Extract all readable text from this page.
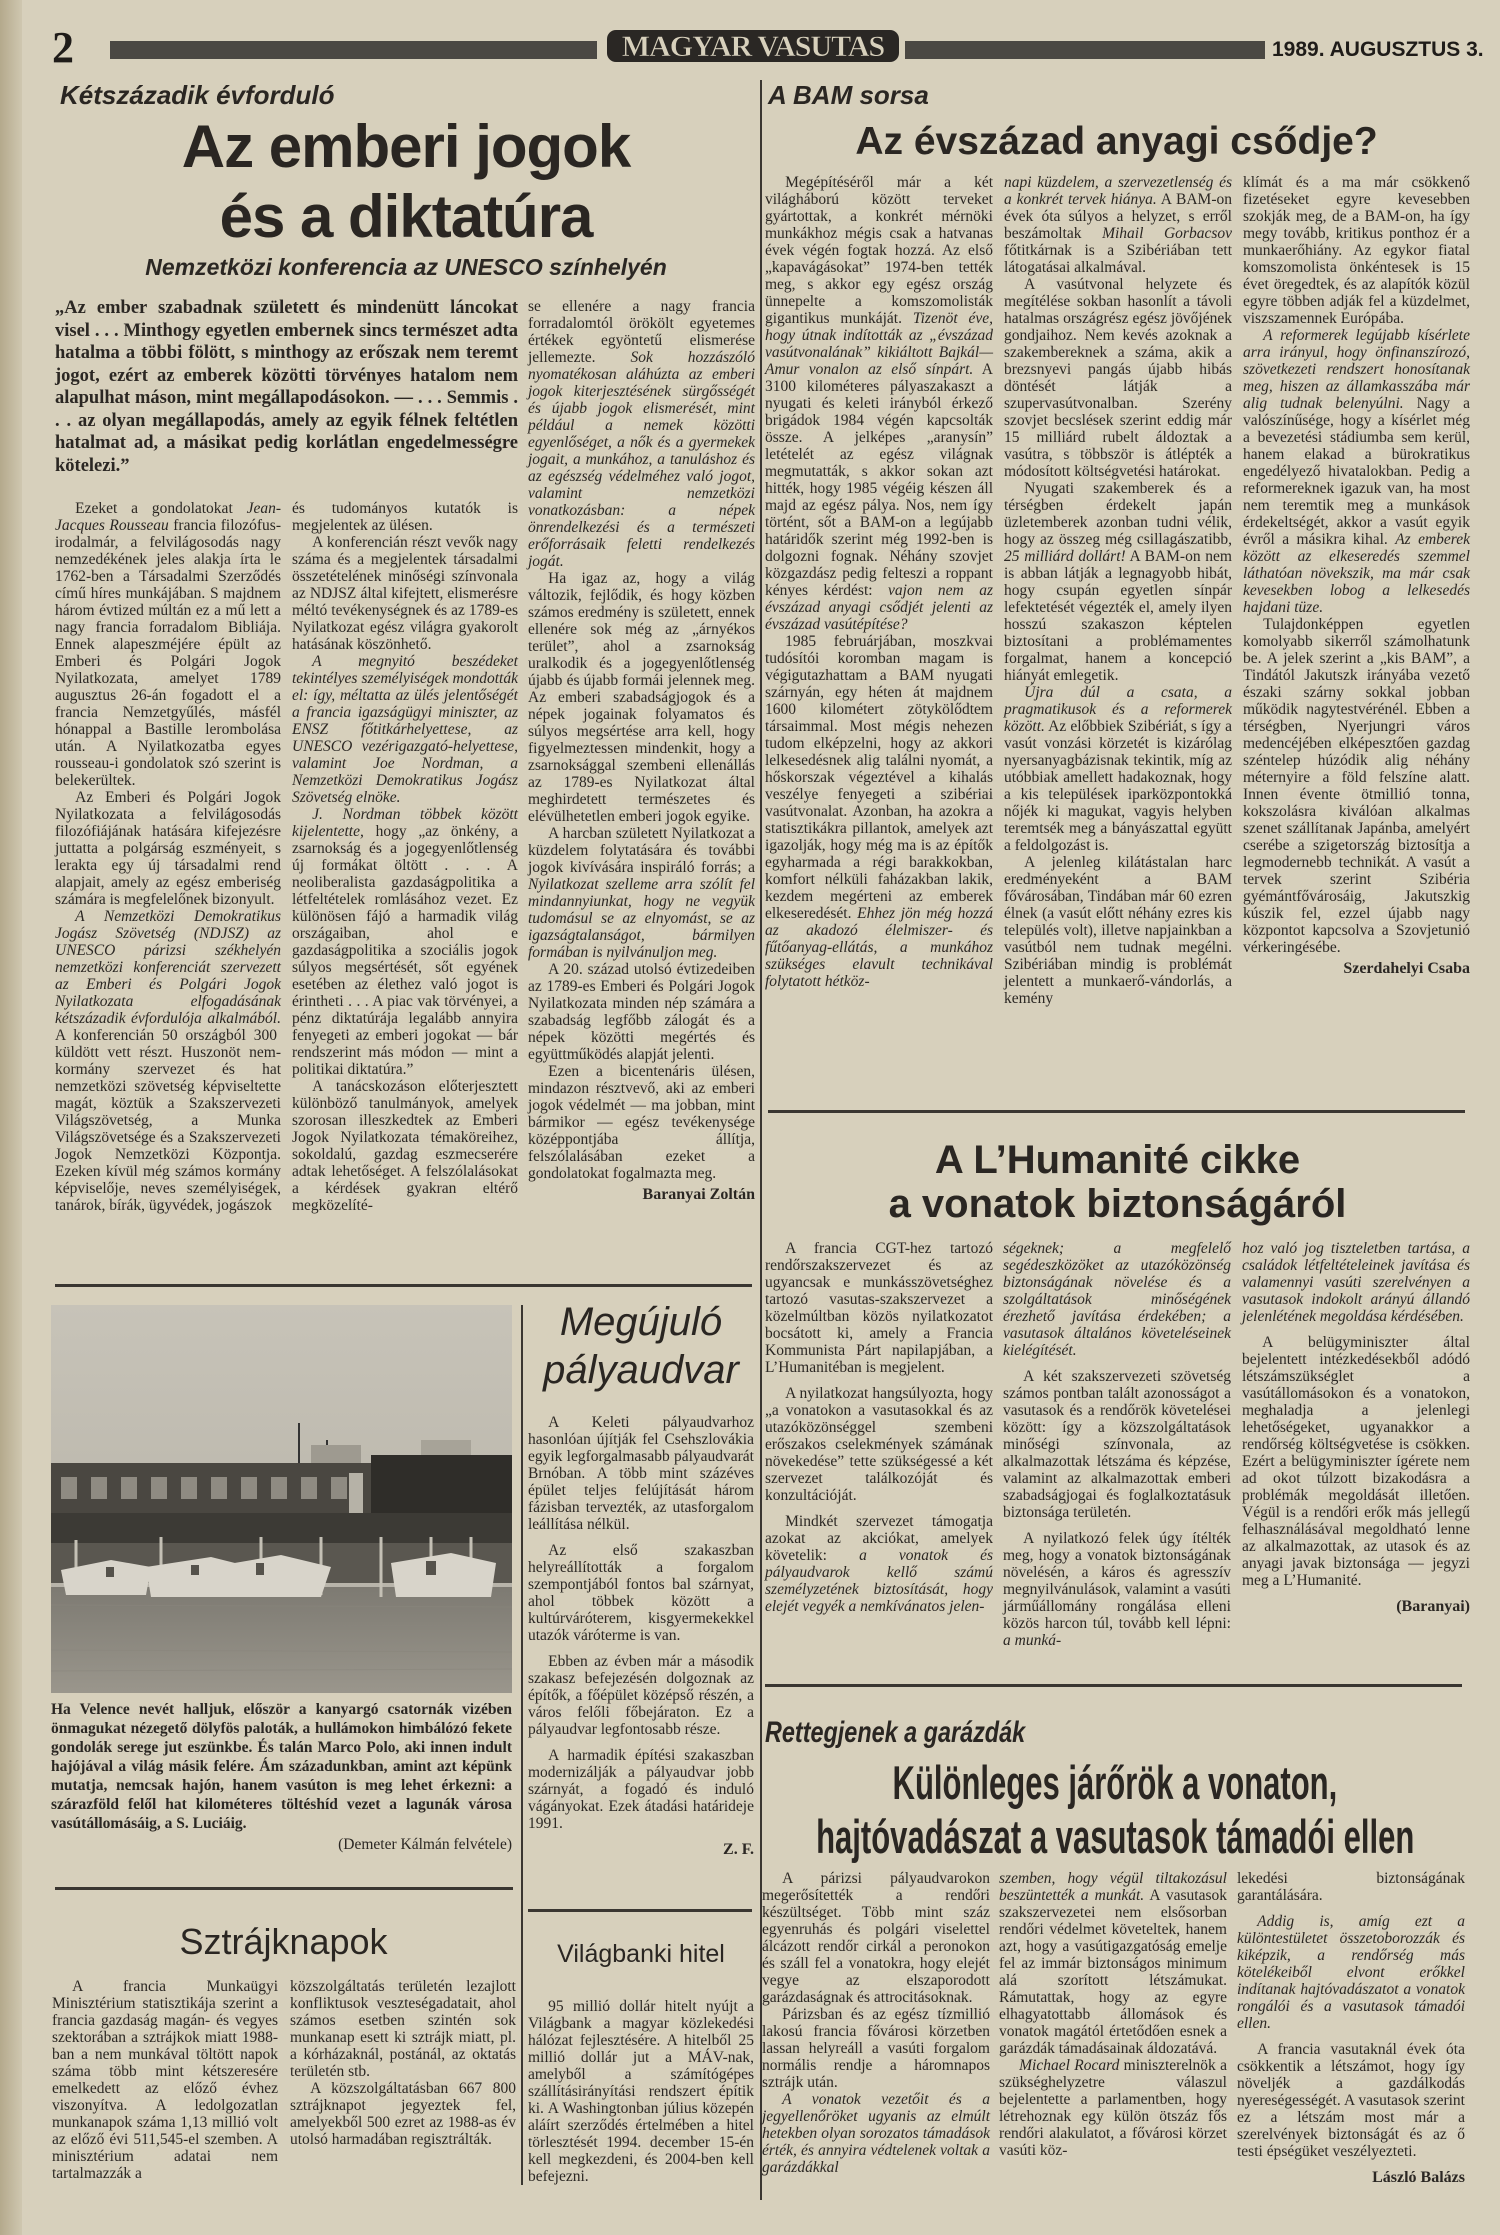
2	MAGYAR VASUTAS	1989. AUGUSZTUS 3.
Kétszázadik évforduló
Az emberi jogok
és a diktatúra
Nemzetközi konferencia az UNESCO színhelyén
„Az ember szabadnak született és mindenütt láncokat visel . . . Minthogy egyetlen embernek sincs természet adta hatalma a többi fölött, s minthogy az erőszak nem teremt jogot, ezért az emberek közötti törvényes hatalom nem alapulhat máson, mint megállapodásokon. — . . . Semmis . . . az olyan megállapodás, amely az egyik félnek feltétlen hatalmat ad, a másikat pedig korlátlan engedelmességre kötelezi.”

Ezeket a gondolatokat Jean-Jacques Rousseau francia filozófus-irodalmár, a felvilágosodás nagy nemzedékének jeles alakja írta le 1762-ben a Társadalmi Szerződés című híres munkájában. S majdnem három évtized múltán ez a mű lett a nagy francia forradalom Bibliája. Ennek alapeszméjére épült az Emberi és Polgári Jogok Nyilatkozata, amelyet 1789 augusztus 26-án fogadott el a francia Nemzetgyűlés, másfél hónappal a Bastille lerombolása után. A Nyilatkozatba egyes rousseau-i gondolatok szó szerint is belekerültek.

Az Emberi és Polgári Jogok Nyilatkozata a felvilágosodás filozófiájának hatására kifejezésre juttatta a polgárság eszményeit, s lerakta egy új társadalmi rend alapjait, amely az egész emberiség számára is megfelelőnek bizonyult.

A Nemzetközi Demokratikus Jogász Szövetség (NDJSZ) az UNESCO párizsi székhelyén nemzetközi konferenciát szervezett az Emberi és Polgári Jogok Nyilatkozata elfogadásának kétszázadik évfordulója alkalmából. A konferencián 50 országból 300 küldött vett részt. Huszonöt nem-kormány szervezet és hat nemzetközi szövetség képviseltette magát, köztük a Szakszervezeti Világszövetség, a Munka Világszövetsége és a Szakszervezeti Jogok Nemzetközi Központja. Ezeken kívül még számos kormány képviselője, neves személyiségek, tanárok, bírák, ügyvédek, jogászok

és tudományos kutatók is megjelentek az ülésen.

A konferencián részt vevők nagy száma és a megjelentek társadalmi összetételének minőségi színvonala az NDJSZ által kifejtett, elismerésre méltó tevékenységnek és az 1789-es Nyilatkozat egész világra gyakorolt hatásának köszönhető.

A megnyitó beszédeket tekintélyes személyiségek mondották el: így, méltatta az ülés jelentőségét a francia igazságügyi miniszter, az ENSZ főtitkárhelyettese, az UNESCO vezérigazgató-helyettese, valamint Joe Nordman, a Nemzetközi Demokratikus Jogász Szövetség elnöke.

J. Nordman többek között kijelentette, hogy „az önkény, a zsarnokság és a jogegyenlőtlenség új formákat öltött . . . A neoliberalista gazdaságpolitika a létfeltételek romlásához vezet. Ez különösen fájó a harmadik világ országaiban, ahol e gazdaságpolitika a szociális jogok súlyos megsértését, sőt egyének esetében az élethez való jogot is érintheti . . . A piac vak törvényei, a pénz diktatúrája legalább annyira fenyegeti az emberi jogokat — bár rendszerint más módon — mint a politikai diktatúra.”

A tanácskozáson előterjesztett különböző tanulmányok, amelyek szorosan illeszkedtek az Emberi Jogok Nyilatkozata témaköreihez, sokoldalú, gazdag eszmecserére adtak lehetőséget. A felszólalásokat a kérdések gyakran eltérő megközelíté-

se ellenére a nagy francia forradalomtól örökölt egyetemes értékek egyöntetű elismerése jellemezte. Sok hozzászóló nyomatékosan aláhúzta az emberi jogok kiterjesztésének sürgősségét és újabb jogok elismerését, mint például a nemek közötti egyenlőséget, a nők és a gyermekek jogait, a munkához, a tanuláshoz és az egészség védelméhez való jogot, valamint nemzetközi vonatkozásban: a népek önrendelkezési és a természeti erőforrásaik feletti rendelkezés jogát.

Ha igaz az, hogy a világ változik, fejlődik, és hogy közben számos eredmény is született, ennek ellenére sok még az „árnyékos terület”, ahol a zsarnokság uralkodik és a jogegyenlőtlenség újabb és újabb formái jelennek meg. Az emberi szabadságjogok és a népek jogainak folyamatos és súlyos megsértése arra kell, hogy figyelmeztessen mindenkit, hogy a zsarnoksággal szembeni ellenállás az 1789-es Nyilatkozat által meghirdetett természetes és elévülhetetlen emberi jogok egyike.

A harcban született Nyilatkozat a küzdelem folytatására és további jogok kivívására inspiráló forrás; a Nyilatkozat szelleme arra szólít fel mindannyiunkat, hogy ne vegyük tudomásul se az elnyomást, se az igazságtalanságot, bármilyen formában is nyilvánuljon meg.

A 20. század utolsó évtizedeiben az 1789-es Emberi és Polgári Jogok Nyilatkozata minden nép számára a szabadság legfőbb zálogát és a népek közötti megértés és együttműködés alapját jelenti.

Ezen a bicentenáris ülésen, mindazon résztvevő, aki az emberi jogok védelmét — ma jobban, mint bármikor — egész tevékenysége középpontjába állítja, felszólalásában ezeket a gondolatokat fogalmazta meg.

Baranyai Zoltán
A BAM sorsa
Az évszázad anyagi csődje?

Megépítéséről már a két világháború között terveket gyártottak, a konkrét mérnöki munkákhoz mégis csak a hatvanas évek végén fogtak hozzá. Az első „kapavágásokat” 1974-ben tették meg, s akkor egy egész ország ünnepelte a komszomolisták gigantikus munkáját. Tizenöt éve, hogy útnak indították az „évszázad vasútvonalának” kikiáltott Bajkál—Amur vonalon az első sínpárt. A 3100 kilométeres pályaszakaszt a nyugati és keleti irányból érkező brigádok 1984 végén kapcsolták össze. A jelképes „aranysín” letételét az egész világnak megmutatták, s akkor sokan azt hitték, hogy 1985 végéig készen áll majd az egész pálya. Nos, nem így történt, sőt a BAM-on a legújabb határidők szerint még 1992-ben is dolgozni fognak. Néhány szovjet közgazdász pedig felteszi a roppant kényes kérdést: vajon nem az évszázad anyagi csődjét jelenti az évszázad vasútépítése?

1985 februárjában, moszkvai tudósítói koromban magam is végigutazhattam a BAM nyugati szárnyán, egy héten át majdnem 1600 kilométert zötykölődtem társaimmal. Most mégis nehezen tudom elképzelni, hogy az akkori lelkesedésnek alig találni nyomát, a hőskorszak végeztével a kihalás veszélye fenyegeti a szibériai vasútvonalat. Azonban, ha azokra a statisztikákra pillantok, amelyek azt igazolják, hogy még ma is az építők egyharmada a régi barakkokban, komfort nélküli faházakban lakik, kezdem megérteni az emberek elkeseredését. Ehhez jön még hozzá az akadozó élelmiszer- és fűtőanyag-ellátás, a munkához szükséges elavult technikával folytatott hétköz-

napi küzdelem, a szervezetlenség és a konkrét tervek hiánya. A BAM-on évek óta súlyos a helyzet, s erről beszámoltak Mihail Gorbacsov főtitkárnak is a Szibériában tett látogatásai alkalmával.

A vasútvonal helyzete és megítélése sokban hasonlít a távoli hatalmas országrész egész jövőjének gondjaihoz. Nem kevés azoknak a szakembereknek a száma, akik a brezsnyevi pangás újabb hibás döntését látják a szupervasútvonalban. Szerény szovjet becslések szerint eddig már 15 milliárd rubelt áldoztak a vasútra, s többször is átlépték a módosított költségvetési határokat.

Nyugati szakemberek és a térségben érdekelt japán üzletemberek azonban tudni vélik, hogy az összeg még csillagászatibb, 25 milliárd dollárt! A BAM-on nem is abban látják a legnagyobb hibát, hogy csupán egyetlen sínpár lefektetését végezték el, amely ilyen hosszú szakaszon képtelen biztosítani a problémamentes forgalmat, hanem a koncepció hiányát emlegetik.

Újra dúl a csata, a pragmatikusok és a reformerek között. Az előbbiek Szibériát, s így a vasút vonzási körzetét is kizárólag nyersanyagbázisnak tekintik, míg az utóbbiak amellett hadakoznak, hogy a kis települések iparközpontokká nőjék ki magukat, vagyis helyben teremtsék meg a bányászattal együtt a feldolgozást is.

A jelenleg kilátástalan harc eredményeként a BAM fővárosában, Tindában már 60 ezren élnek (a vasút előtt néhány ezres kis település volt), illetve napjainkban a vasútból nem tudnak megélni. Szibériában mindig is problémát jelentett a munkaerő-vándorlás, a kemény

klímát és a ma már csökkenő fizetéseket egyre kevesebben szokják meg, de a BAM-on, ha így megy tovább, kritikus ponthoz ér a munkaerőhiány. Az egykor fiatal komszomolista önkéntesek is 15 évet öregedtek, és az alapítók közül egyre többen adják fel a küzdelmet, viszszamennek Európába.

A reformerek legújabb kísérlete arra irányul, hogy önfinanszírozó, szövetkezeti rendszert honosítanak meg, hiszen az államkasszába már alig tudnak belenyúlni. Nagy a valószínűsége, hogy a kísérlet még a bevezetési stádiumba sem kerül, hanem elakad a bürokratikus engedélyező hivatalokban. Pedig a reformereknek igazuk van, ha most nem teremtik meg a munkások érdekeltségét, akkor a vasút egyik évről a másikra kihal. Az emberek között az elkeseredés szemmel láthatóan növekszik, ma már csak kevesekben lobog a lelkesedés hajdani tüze.

Tulajdonképpen egyetlen komolyabb sikerről számolhatunk be. A jelek szerint a „kis BAM”, a Tindától Jakutszk irányába vezető északi szárny sokkal jobban működik nagytestvérénél. Ebben a térségben, Nyerjungri város medencéjében elképesztően gazdag széntelep húzódik alig néhány méternyire a föld felszíne alatt. Innen évente ötmillió tonna, kokszolásra kiválóan alkalmas szenet szállítanak Japánba, amelyért cserébe a szigetország biztosítja a legmodernebb technikát. A vasút a tervek szerint Szibéria gyémántfővárosáig, Jakutszkig kúszik fel, ezzel újabb nagy központot kapcsolva a Szovjetunió vérkeringésébe.

Szerdahelyi Csaba
A L’Humanité cikke
a vonatok biztonságáról

A francia CGT-hez tartozó rendőrszakszervezet és az ugyancsak e munkásszövetséghez tartozó vasutas-szakszervezet a közelmúltban közös nyilatkozatot bocsátott ki, amely a Francia Kommunista Párt napilapjában, a L’Humanitéban is megjelent.

A nyilatkozat hangsúlyozta, hogy „a vonatokon a vasutasokkal és az utazóközönséggel szembeni erőszakos cselekmények számának növekedése” tette szükségessé a két szervezet találkozóját és konzultációját.

Mindkét szervezet támogatja azokat az akciókat, amelyek követelik: a vonatok és pályaudvarok kellő számú személyzetének biztosítását, hogy elejét vegyék a nemkívánatos jelen-

ségeknek; a megfelelő segédeszközöket az utazóközönség biztonságának növelése és a szolgáltatások minőségének érezhető javítása érdekében; a vasutasok általános követeléseinek kielégítését.

A két szakszervezeti szövetség számos pontban talált azonosságot a vasutasok és a rendőrök követelései között: így a közszolgáltatások minőségi színvonala, az alkalmazottak létszáma és képzése, valamint az alkalmazottak emberi szabadságjogai és foglalkoztatásuk biztonsága területén.

A nyilatkozó felek úgy ítélték meg, hogy a vonatok biztonságának növelésén, a káros és agresszív megnyilvánulások, valamint a vasúti járműállomány rongálása elleni közös harcon túl, tovább kell lépni: a munká-

hoz való jog tiszteletben tartása, a családok létfeltételeinek javítása és valamennyi vasúti szerelvényen a vasutasok indokolt arányú állandó jelenlétének megoldása kérdésében.

A belügyminiszter által bejelentett intézkedésekből adódó létszámszükséglet a vasútállomásokon és a vonatokon, meghaladja a jelenlegi lehetőségeket, ugyanakkor a rendőrség költségvetése is csökken. Ezért a belügyminiszter ígérete nem ad okot túlzott bizakodásra a problémák megoldását illetően. Végül is a rendőri erők más jellegű felhasználásával megoldható lenne az alkalmazottak, az utasok és az anyagi javak biztonsága — jegyzi meg a L’Humanité.

(Baranyai)
Ha Velence nevét halljuk, először a kanyargó csatornák vizében önmagukat nézegető dölyfös paloták, a hullámokon himbálózó fekete gondolák serege jut eszünkbe. És talán Marco Polo, aki innen indult hajójával a világ másik felére. Ám századunkban, amint azt képünk mutatja, nemcsak hajón, hanem vasúton is meg lehet érkezni: a szárazföld felől hat kilométeres töltéshíd vezet a lagunák városa vasútállomásáig, a S. Luciáig.
(Demeter Kálmán felvétele)
Megújuló
pályaudvar

A Keleti pályaudvarhoz hasonlóan újítják fel Csehszlovákia egyik legforgalmasabb pályaudvarát Brnóban. A több mint százéves épület teljes felújítását három fázisban tervezték, az utasforgalom leállítása nélkül.

Az első szakaszban helyreállították a forgalom szempontjából fontos bal szárnyat, ahol többek között a kultúrváróterem, kisgyermekekkel utazók váróterme is van.

Ebben az évben már a második szakasz befejezésén dolgoznak az építők, a főépület középső részén, a város felőli főbejáraton. Ez a pályaudvar legfontosabb része.

A harmadik építési szakaszban modernizálják a pályaudvar jobb szárnyát, a fogadó és induló vágányokat. Ezek átadási határideje 1991.

Z. F.
Sztrájknapok

A francia Munkaügyi Minisztérium statisztikája szerint a francia gazdaság magán- és vegyes szektorában a sztrájkok miatt 1988-ban a nem munkával töltött napok száma több mint kétszeresére emelkedett az előző évhez viszonyítva. A ledolgozatlan munkanapok száma 1,13 millió volt az előző évi 511,545-el szemben. A minisztérium adatai nem tartalmazzák a

közszolgáltatás területén lezajlott konfliktusok veszteségadatait, ahol számos esetben szintén sok munkanap esett ki sztrájk miatt, pl. a kórházaknál, postánál, az oktatás területén stb.

A közszolgáltatásban 667 800 sztrájknapot jegyeztek fel, amelyekből 500 ezret az 1988-as év utolsó harmadában regisztrálták.

Világbanki hitel

95 millió dollár hitelt nyújt a Világbank a magyar közlekedési hálózat fejlesztésére. A hitelből 25 millió dollár jut a MÁV-nak, amelyből a számítógépes szállításirányítási rendszert építik ki. A Washingtonban július közepén aláírt szerződés értelmében a hitel törlesztését 1994. december 15-én kell megkezdeni, és 2004-ben kell befejezni.

Rettegjenek a garázdák
Különleges járőrök a vonaton,
hajtóvadászat a vasutasok támadói ellen

A párizsi pályaudvarokon megerősítették a rendőri készültséget. Több mint száz egyenruhás és polgári viselettel álcázott rendőr cirkál a peronokon és száll fel a vonatokra, hogy elejét vegye az elszaporodott garázdaságnak és attrocitásoknak.

Párizsban és az egész tízmillió lakosú francia fővárosi körzetben lassan helyreáll a vasúti forgalom normális rendje a háromnapos sztrájk után.

A vonatok vezetőit és a jegyellenőröket ugyanis az elmúlt hetekben olyan sorozatos támadások érték, és annyira védtelenek voltak a garázdákkal

szemben, hogy végül tiltakozásul beszüntették a munkát. A vasutasok szakszervezetei nem elsősorban rendőri védelmet követeltek, hanem azt, hogy a vasútigazgatóság emelje fel az immár biztonságos minimum alá szorított létszámukat. Rámutattak, hogy az egyre elhagyatottabb állomások és vonatok magától értetődően esnek a garázdák támadásainak áldozatává.

Michael Rocard miniszterelnök a szükséghelyzetre válaszul bejelentette a parlamentben, hogy létrehoznak egy külön ötszáz fős rendőri alakulatot, a fővárosi körzet vasúti köz-

lekedési biztonságának garantálására.

Addig is, amíg ezt a különtestületet összetoborozzák és kiképzik, a rendőrség más kötelékeiből elvont erőkkel indítanak hajtóvadászatot a vonatok rongálói és a vasutasok támadói ellen.

A francia vasutaknál évek óta csökkentik a létszámot, hogy így növeljék a gazdálkodás nyereségességét. A vasutasok szerint ez a létszám most már a szerelvények biztonságát és az ő testi épségüket veszélyezteti.

László Balázs
